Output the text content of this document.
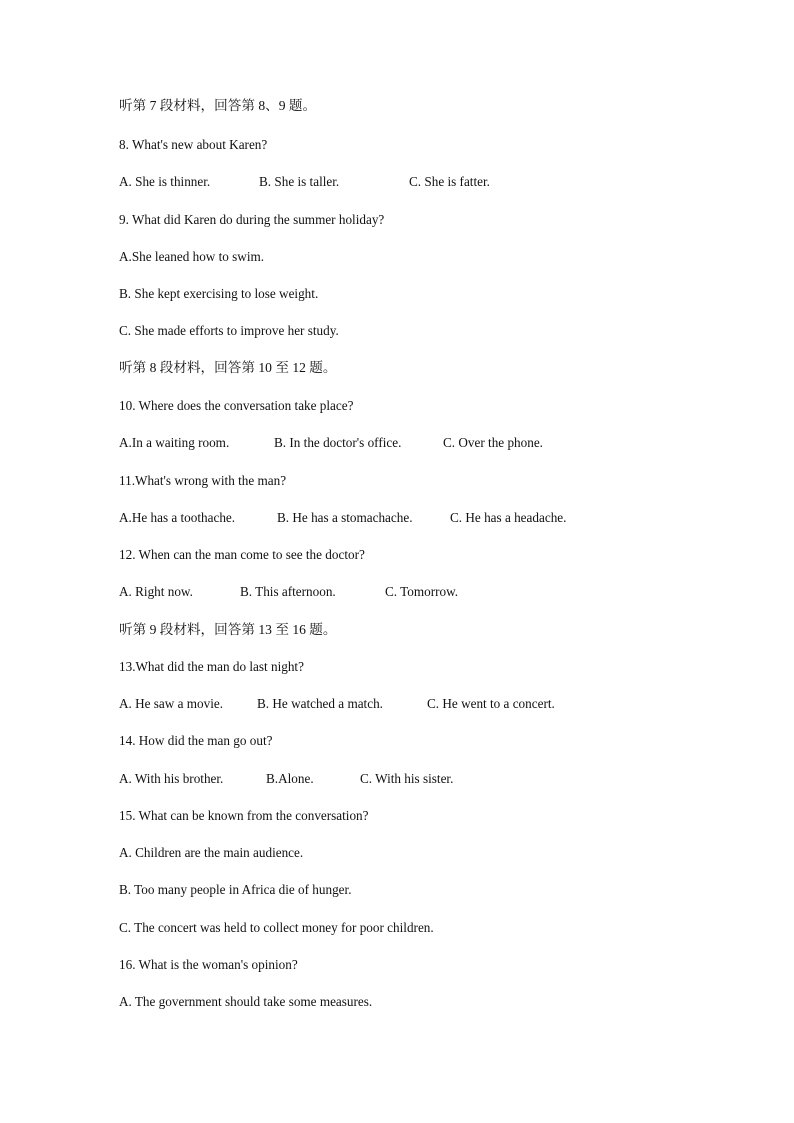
听第 7 段材料，回答第 8、9 题。
8. What's new about Karen?
A. She is thinner.	B. She is taller.	C. She is fatter.
9. What did Karen do during the summer holiday?
A.She leaned how to swim.
B. She kept exercising to lose weight.
C. She made efforts to improve her study.
听第 8 段材料，回答第 10 至 12 题。
10. Where does the conversation take place?
A.In a waiting room.	B. In the doctor's office.	C. Over the phone.
11.What's wrong with the man?
A.He has a toothache.	B. He has a stomachache.	C. He has a headache.
12. When can the man come to see the doctor?
A. Right now.	B. This afternoon.	C. Tomorrow.
听第 9 段材料，回答第 13 至 16 题。
13.What did the man do last night?
A. He saw a movie.	B. He watched a match.	C. He went to a concert.
14. How did the man go out?
A. With his brother.	B.Alone.	C. With his sister.
15. What can be known from the conversation?
A. Children are the main audience.
B. Too many people in Africa die of hunger.
C. The concert was held to collect money for poor children.
16. What is the woman's opinion?
A. The government should take some measures.
